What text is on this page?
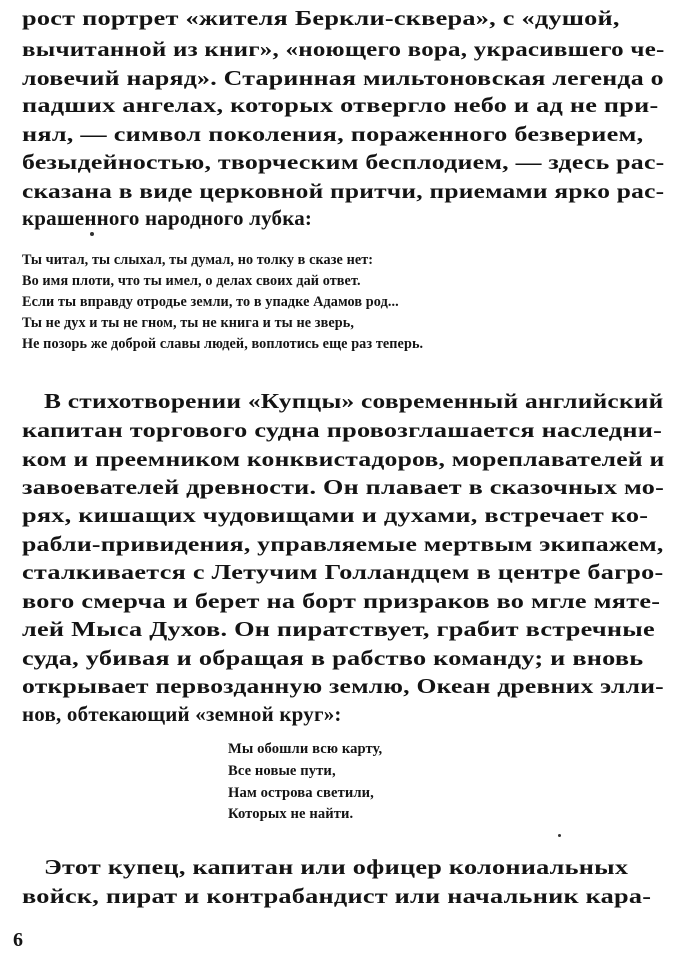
рост портрет «жителя Беркли-сквера», с «душой,
вычитанной из книг», «ноющего вора, украсившего че-
ловечий наряд». Старинная мильтоновская легенда о
падших ангелах, которых отвергло небо и ад не при-
нял, — символ поколения, пораженного безверием,
безыдейностью, творческим бесплодием, — здесь рас-
сказана в виде церковной притчи, приемами ярко рас-
крашенного народного лубка:
Ты читал, ты слыхал, ты думал, но толку в сказе нет:
Во имя плоти, что ты имел, о делах своих дай ответ.
Если ты вправду отродье земли, то в упадке Адамов род...
Ты не дух и ты не гном, ты не книга и ты не зверь,
Не позорь же доброй славы людей, воплотись еще раз теперь.
В стихотворении «Купцы» современный английский
капитан торгового судна провозглашается наследни-
ком и преемником конквистадоров, мореплавателей и
завоевателей древности. Он плавает в сказочных мо-
рях, кишащих чудовищами и духами, встречает ко-
рабли-привидения, управляемые мертвым экипажем,
сталкивается с Летучим Голландцем в центре багро-
вого смерча и берет на борт призраков во мгле мяте-
лей Мыса Духов. Он пиратствует, грабит встречные
суда, убивая и обращая в рабство команду; и вновь
открывает первозданную землю, Океан древних элли-
нов, обтекающий «земной круг»:
Мы обошли всю карту,
Все новые пути,
Нам острова светили,
Которых не найти.
Этот купец, капитан или офицер колониальных
войск, пират и контрабандист или начальник кара-
6
